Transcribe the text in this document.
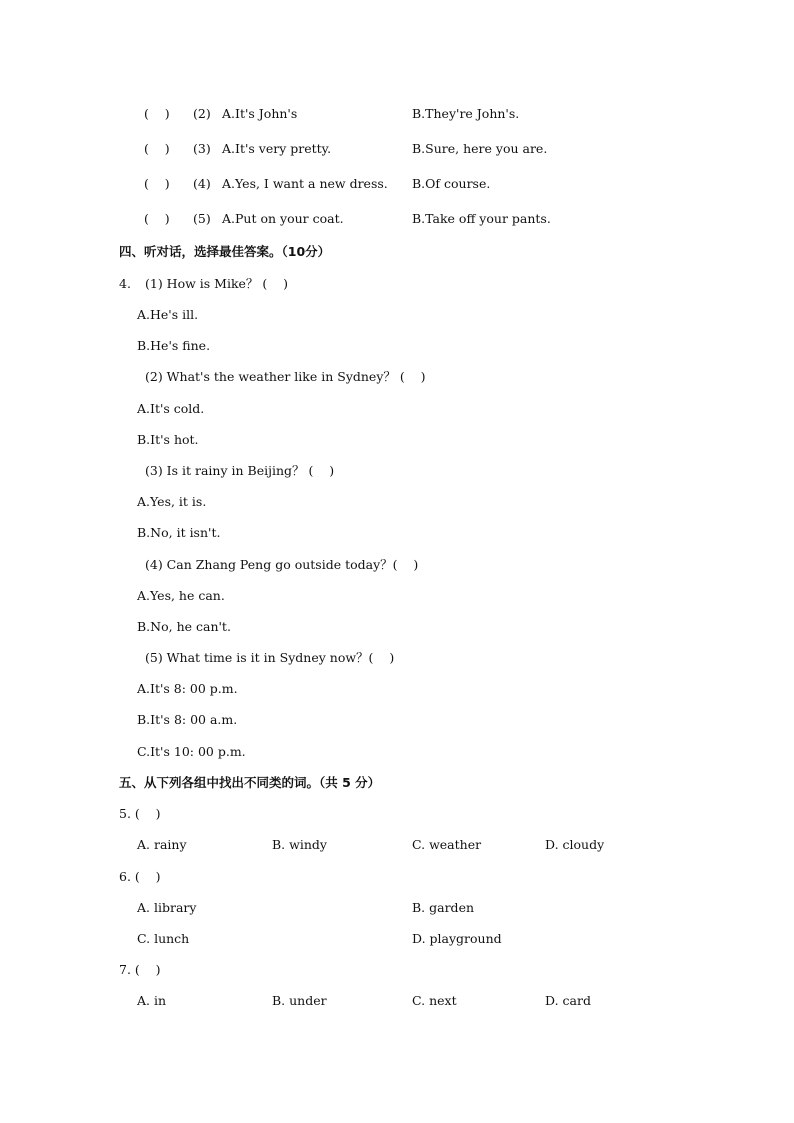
(    ) (2) A.It's John's	B.They're John's.
(    ) (3) A.It's very pretty.	B.Sure, here you are.
(    ) (4) A.Yes, I want a new dress. B.Of course.
(    ) (5) A.Put on your coat.	B.Take off your pants.
四、听对话，选择最佳答案。（10分）
4. (1) How is Mike？ (    )
A.He's ill.
B.He's fine.
(2) What's the weather like in Sydney？ (    )
A.It's cold.
B.It's hot.
(3) Is it rainy in Beijing？ (    )
A.Yes, it is.
B.No, it isn't.
(4) Can Zhang Peng go outside today？(    )
A.Yes, he can.
B.No, he can't.
(5) What time is it in Sydney now？(    )
A.It's 8: 00 p.m.
B.It's 8: 00 a.m.
C.It's 10: 00 p.m.
五、从下列各组中找出不同类的词。（共 5 分）
5. (    )
A. rainy	B. windy	C. weather	D. cloudy
6. (    )
A. library	B. garden
C. lunch	D. playground
7. (    )
A. in	B. under	C. next	D. card
